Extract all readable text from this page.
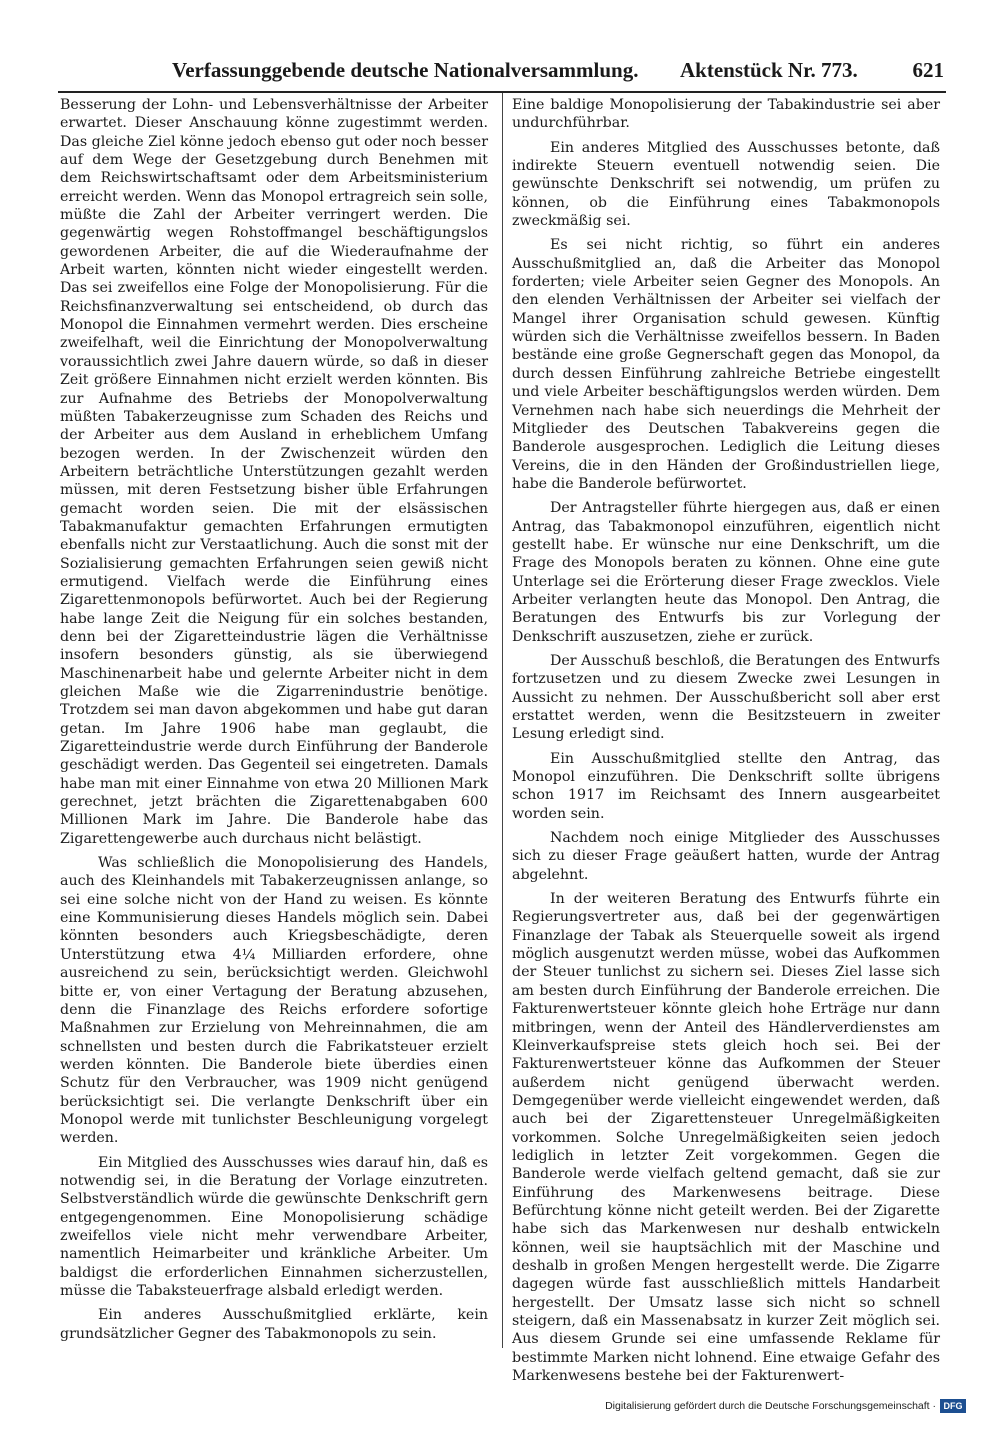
Verfassunggebende deutsche Nationalversammlung. Aktenstück Nr. 773.	621

Besserung der Lohn- und Lebensverhältnisse der Arbeiter erwartet. Dieser Anschauung könne zugestimmt werden. Das gleiche Ziel könne jedoch ebenso gut oder noch besser auf dem Wege der Gesetzgebung durch Benehmen mit dem Reichswirtschaftsamt oder dem Arbeitsministerium erreicht werden. Wenn das Monopol ertragreich sein solle, müßte die Zahl der Arbeiter verringert werden. Die gegenwärtig wegen Rohstoffmangel beschäftigungslos gewordenen Arbeiter, die auf die Wiederaufnahme der Arbeit warten, könnten nicht wieder eingestellt werden. Das sei zweifellos eine Folge der Monopolisierung. Für die Reichsfinanzverwaltung sei entscheidend, ob durch das Monopol die Einnahmen vermehrt werden. Dies erscheine zweifelhaft, weil die Einrichtung der Monopolverwaltung voraussichtlich zwei Jahre dauern würde, so daß in dieser Zeit größere Einnahmen nicht erzielt werden könnten. Bis zur Aufnahme des Betriebs der Monopolverwaltung müßten Tabakerzeugnisse zum Schaden des Reichs und der Arbeiter aus dem Ausland in erheblichem Umfang bezogen werden. In der Zwischenzeit würden den Arbeitern beträchtliche Unterstützungen gezahlt werden müssen, mit deren Festsetzung bisher üble Erfahrungen gemacht worden seien. Die mit der elsässischen Tabakmanufaktur gemachten Erfahrungen ermutigten ebenfalls nicht zur Verstaatlichung. Auch die sonst mit der Sozialisierung gemachten Erfahrungen seien gewiß nicht ermutigend. Vielfach werde die Einführung eines Zigarettenmonopols befürwortet. Auch bei der Regierung habe lange Zeit die Neigung für ein solches bestanden, denn bei der Zigaretteindustrie lägen die Verhältnisse insofern besonders günstig, als sie überwiegend Maschinenarbeit habe und gelernte Arbeiter nicht in dem gleichen Maße wie die Zigarrenindustrie benötige. Trotzdem sei man davon abgekommen und habe gut daran getan. Im Jahre 1906 habe man geglaubt, die Zigaretteindustrie werde durch Einführung der Banderole geschädigt werden. Das Gegenteil sei eingetreten. Damals habe man mit einer Einnahme von etwa 20 Millionen Mark gerechnet, jetzt brächten die Zigarettenabgaben 600 Millionen Mark im Jahre. Die Banderole habe das Zigarettengewerbe auch durchaus nicht belästigt.

Was schließlich die Monopolisierung des Handels, auch des Kleinhandels mit Tabakerzeugnissen anlange, so sei eine solche nicht von der Hand zu weisen. Es könnte eine Kommunisierung dieses Handels möglich sein. Dabei könnten besonders auch Kriegsbeschädigte, deren Unterstützung etwa 4¼ Milliarden erfordere, ohne ausreichend zu sein, berücksichtigt werden. Gleichwohl bitte er, von einer Vertagung der Beratung abzusehen, denn die Finanzlage des Reichs erfordere sofortige Maßnahmen zur Erzielung von Mehreinnahmen, die am schnellsten und besten durch die Fabrikatsteuer erzielt werden könnten. Die Banderole biete überdies einen Schutz für den Verbraucher, was 1909 nicht genügend berücksichtigt sei. Die verlangte Denkschrift über ein Monopol werde mit tunlichster Beschleunigung vorgelegt werden.

Ein Mitglied des Ausschusses wies darauf hin, daß es notwendig sei, in die Beratung der Vorlage einzutreten. Selbstverständlich würde die gewünschte Denkschrift gern entgegengenommen. Eine Monopolisierung schädige zweifellos viele nicht mehr verwendbare Arbeiter, namentlich Heimarbeiter und kränkliche Arbeiter. Um baldigst die erforderlichen Einnahmen sicherzustellen, müsse die Tabaksteuerfrage alsbald erledigt werden.

Ein anderes Ausschußmitglied erklärte, kein grundsätzlicher Gegner des Tabakmonopols zu sein.

Eine baldige Monopolisierung der Tabakindustrie sei aber undurchführbar.

Ein anderes Mitglied des Ausschusses betonte, daß indirekte Steuern eventuell notwendig seien. Die gewünschte Denkschrift sei notwendig, um prüfen zu können, ob die Einführung eines Tabakmonopols zweckmäßig sei.

Es sei nicht richtig, so führt ein anderes Ausschußmitglied an, daß die Arbeiter das Monopol forderten; viele Arbeiter seien Gegner des Monopols. An den elenden Verhältnissen der Arbeiter sei vielfach der Mangel ihrer Organisation schuld gewesen. Künftig würden sich die Verhältnisse zweifellos bessern. In Baden bestände eine große Gegnerschaft gegen das Monopol, da durch dessen Einführung zahlreiche Betriebe eingestellt und viele Arbeiter beschäftigungslos werden würden. Dem Vernehmen nach habe sich neuerdings die Mehrheit der Mitglieder des Deutschen Tabakvereins gegen die Banderole ausgesprochen. Lediglich die Leitung dieses Vereins, die in den Händen der Großindustriellen liege, habe die Banderole befürwortet.

Der Antragsteller führte hiergegen aus, daß er einen Antrag, das Tabakmonopol einzuführen, eigentlich nicht gestellt habe. Er wünsche nur eine Denkschrift, um die Frage des Monopols beraten zu können. Ohne eine gute Unterlage sei die Erörterung dieser Frage zwecklos. Viele Arbeiter verlangten heute das Monopol. Den Antrag, die Beratungen des Entwurfs bis zur Vorlegung der Denkschrift auszusetzen, ziehe er zurück.

Der Ausschuß beschloß, die Beratungen des Entwurfs fortzusetzen und zu diesem Zwecke zwei Lesungen in Aussicht zu nehmen. Der Ausschußbericht soll aber erst erstattet werden, wenn die Besitzsteuern in zweiter Lesung erledigt sind.

Ein Ausschußmitglied stellte den Antrag, das Monopol einzuführen. Die Denkschrift sollte übrigens schon 1917 im Reichsamt des Innern ausgearbeitet worden sein.

Nachdem noch einige Mitglieder des Ausschusses sich zu dieser Frage geäußert hatten, wurde der Antrag abgelehnt.

In der weiteren Beratung des Entwurfs führte ein Regierungsvertreter aus, daß bei der gegenwärtigen Finanzlage der Tabak als Steuerquelle soweit als irgend möglich ausgenutzt werden müsse, wobei das Aufkommen der Steuer tunlichst zu sichern sei. Dieses Ziel lasse sich am besten durch Einführung der Banderole erreichen. Die Fakturenwertsteuer könnte gleich hohe Erträge nur dann mitbringen, wenn der Anteil des Händlerverdienstes am Kleinverkaufspreise stets gleich hoch sei. Bei der Fakturenwertsteuer könne das Aufkommen der Steuer außerdem nicht genügend überwacht werden. Demgegenüber werde vielleicht eingewendet werden, daß auch bei der Zigarettensteuer Unregelmäßigkeiten vorkommen. Solche Unregelmäßigkeiten seien jedoch lediglich in letzter Zeit vorgekommen. Gegen die Banderole werde vielfach geltend gemacht, daß sie zur Einführung des Markenwesens beitrage. Diese Befürchtung könne nicht geteilt werden. Bei der Zigarette habe sich das Markenwesen nur deshalb entwickeln können, weil sie hauptsächlich mit der Maschine und deshalb in großen Mengen hergestellt werde. Die Zigarre dagegen würde fast ausschließlich mittels Handarbeit hergestellt. Der Umsatz lasse sich nicht so schnell steigern, daß ein Massenabsatz in kurzer Zeit möglich sei. Aus diesem Grunde sei eine umfassende Reklame für bestimmte Marken nicht lohnend. Eine etwaige Gefahr des Markenwesens bestehe bei der Fakturenwert-

Digitalisierung gefördert durch die Deutsche Forschungsgemeinschaft · DFG
